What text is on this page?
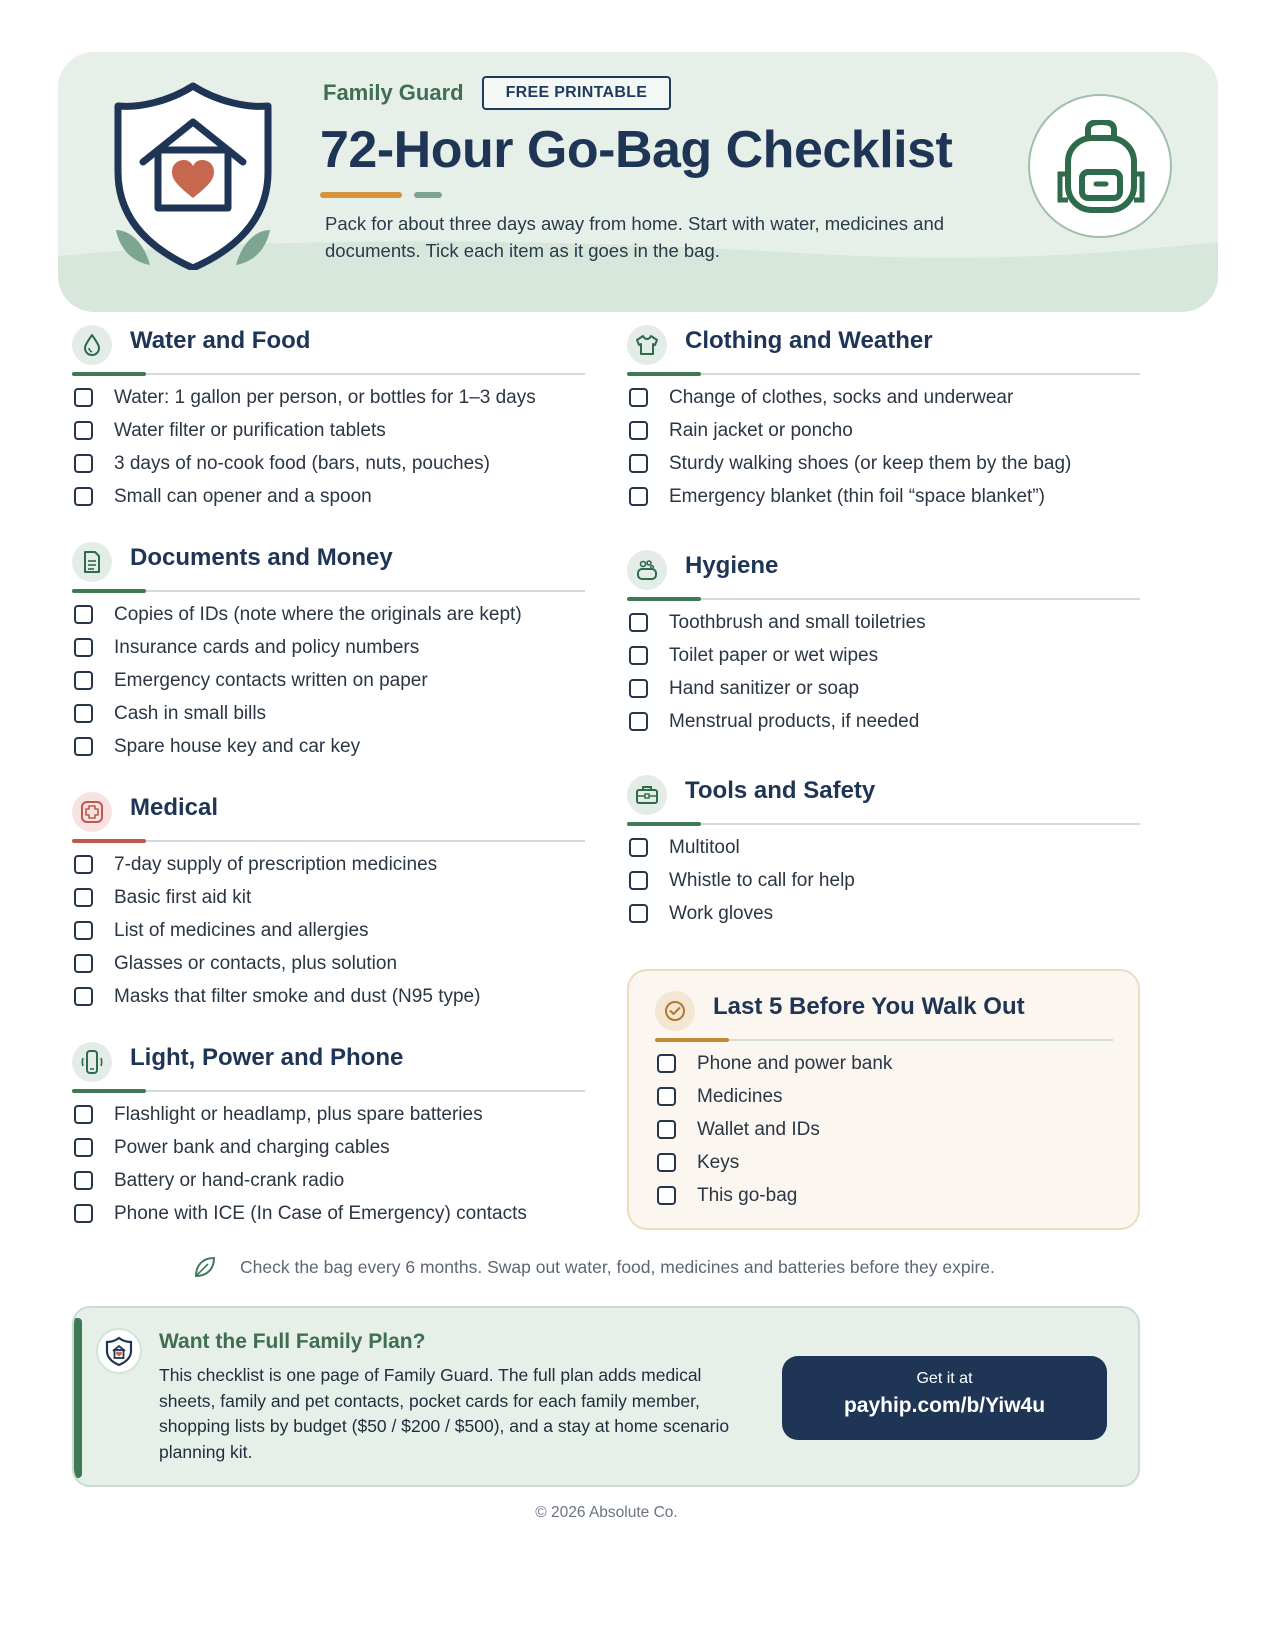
Family Guard	FREE PRINTABLE
72-Hour Go-Bag Checklist
Pack for about three days away from home. Start with water, medicines and documents. Tick each item as it goes in the bag.
Water and Food
Water: 1 gallon per person, or bottles for 1–3 days
Water filter or purification tablets
3 days of no-cook food (bars, nuts, pouches)
Small can opener and a spoon
Documents and Money
Copies of IDs (note where the originals are kept)
Insurance cards and policy numbers
Emergency contacts written on paper
Cash in small bills
Spare house key and car key
Medical
7-day supply of prescription medicines
Basic first aid kit
List of medicines and allergies
Glasses or contacts, plus solution
Masks that filter smoke and dust (N95 type)
Light, Power and Phone
Flashlight or headlamp, plus spare batteries
Power bank and charging cables
Battery or hand-crank radio
Phone with ICE (In Case of Emergency) contacts
Clothing and Weather
Change of clothes, socks and underwear
Rain jacket or poncho
Sturdy walking shoes (or keep them by the bag)
Emergency blanket (thin foil “space blanket”)
Hygiene
Toothbrush and small toiletries
Toilet paper or wet wipes
Hand sanitizer or soap
Menstrual products, if needed
Tools and Safety
Multitool
Whistle to call for help
Work gloves
Last 5 Before You Walk Out
Phone and power bank
Medicines
Wallet and IDs
Keys
This go-bag
Check the bag every 6 months. Swap out water, food, medicines and batteries before they expire.
Want the Full Family Plan?
This checklist is one page of Family Guard. The full plan adds medical sheets, family and pet contacts, pocket cards for each family member, shopping lists by budget ($50 / $200 / $500), and a stay at home scenario planning kit.
Get it at
payhip.com/b/Yiw4u
© 2026 Absolute Co.
